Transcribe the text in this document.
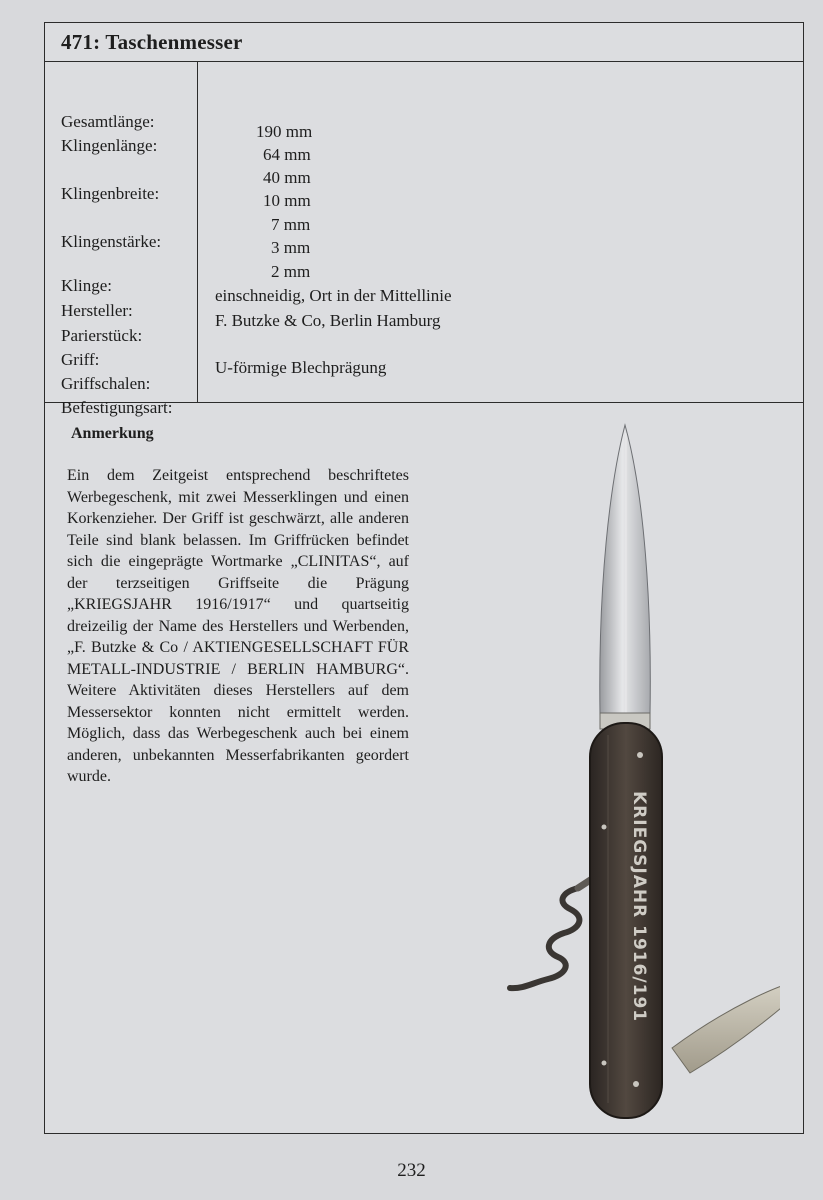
471: Taschenmesser
Gesamtlänge:
Klingenlänge:
Klingenbreite:
Klingenstärke:
Klinge:
Hersteller:
Parierstück:
Griff:
Griffschalen:
Befestigungsart:
190 mm
64 mm
40 mm
10 mm
7 mm
3 mm
2 mm
einschneidig, Ort in der Mittellinie
F. Butzke & Co, Berlin Hamburg
U-förmige Blechprägung
Anmerkung
Ein dem Zeitgeist entsprechend beschriftetes Werbegeschenk, mit zwei Messerklingen und einen Korkenzieher. Der Griff ist geschwärzt, alle anderen Teile sind blank belassen. Im Griffrücken befindet sich die eingeprägte Wortmarke „CLINITAS“, auf der terzseitigen Griffseite die Prägung „KRIEGSJAHR 1916/1917“ und quartseitig dreizeilig der Name des Herstellers und Werbenden, „F. Butzke & Co / AKTIENGESELLSCHAFT FÜR METALL-INDUSTRIE / BERLIN HAMBURG“. Weitere Aktivitäten dieses Herstellers auf dem Messersektor konnten nicht ermittelt werden. Möglich, dass das Werbegeschenk auch bei einem anderen, unbekannten Messerfabrikanten geordert wurde.
KRIEGSJAHR 1916/191
232
